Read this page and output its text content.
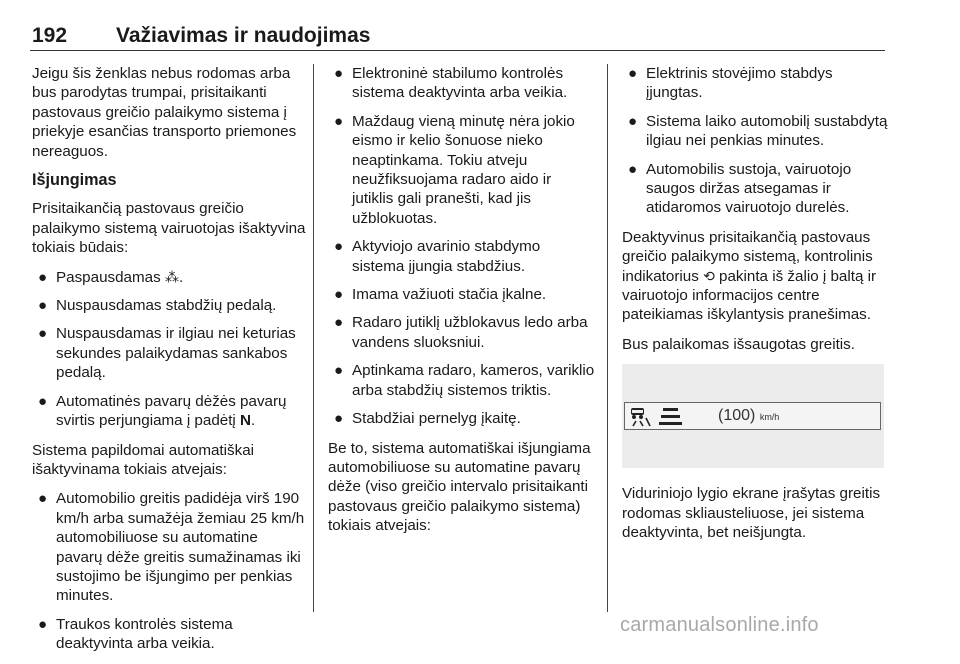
192 Važiavimas ir naudojimas

Jeigu šis ženklas nebus rodomas arba bus parodytas trumpai, prisitaikanti pastovaus greičio palaikymo sistema į priekyje esančias transporto priemones nereaguos.

Išjungimas

Prisitaikančią pastovaus greičio palaikymo sistemą vairuotojas išaktyvina tokiais būdais:

● Paspausdamas ⁂.
● Nuspausdamas stabdžių pedalą.
● Nuspausdamas ir ilgiau nei keturias sekundes palaikydamas sankabos pedalą.
● Automatinės pavarų dėžės pavarų svirtis perjungiama į padėtį N.

Sistema papildomai automatiškai išaktyvinama tokiais atvejais:

● Automobilio greitis padidėja virš 190 km/h arba sumažėja žemiau 25 km/h automobiliuose su automatine pavarų dėže greitis sumažinamas iki sustojimo be išjungimo per penkias minutes.
● Traukos kontrolės sistema deaktyvinta arba veikia.
● Elektroninė stabilumo kontrolės sistema deaktyvinta arba veikia.
● Maždaug vieną minutę nėra jokio eismo ir kelio šonuose nieko neaptinkama. Tokiu atveju neužfiksuojama radaro aido ir jutiklis gali pranešti, kad jis užblokuotas.
● Aktyviojo avarinio stabdymo sistema įjungia stabdžius.
● Imama važiuoti stačia įkalne.
● Radaro jutiklį užblokavus ledo arba vandens sluoksniui.
● Aptinkama radaro, kameros, variklio arba stabdžių sistemos triktis.
● Stabdžiai pernelyg įkaitę.

Be to, sistema automatiškai išjungiama automobiliuose su automatine pavarų dėže (viso greičio intervalo prisitaikanti pastovaus greičio palaikymo sistema) tokiais atvejais:

● Elektrinis stovėjimo stabdys įjungtas.
● Sistema laiko automobilį sustabdytą ilgiau nei penkias minutes.
● Automobilis sustoja, vairuotojo saugos diržas atsegamas ir atidaromos vairuotojo durelės.

Deaktyvinus prisitaikančią pastovaus greičio palaikymo sistemą, kontrolinis indikatorius ⟲ pakinta iš žalio į baltą ir vairuotojo informacijos centre pateikiamas iškylantysis pranešimas.

Bus palaikomas išsaugotas greitis.

(100) km/h

Viduriniojo lygio ekrane įrašytas greitis rodomas skliausteliuose, jei sistema deaktyvinta, bet neišjungta.

carmanualsonline.info
